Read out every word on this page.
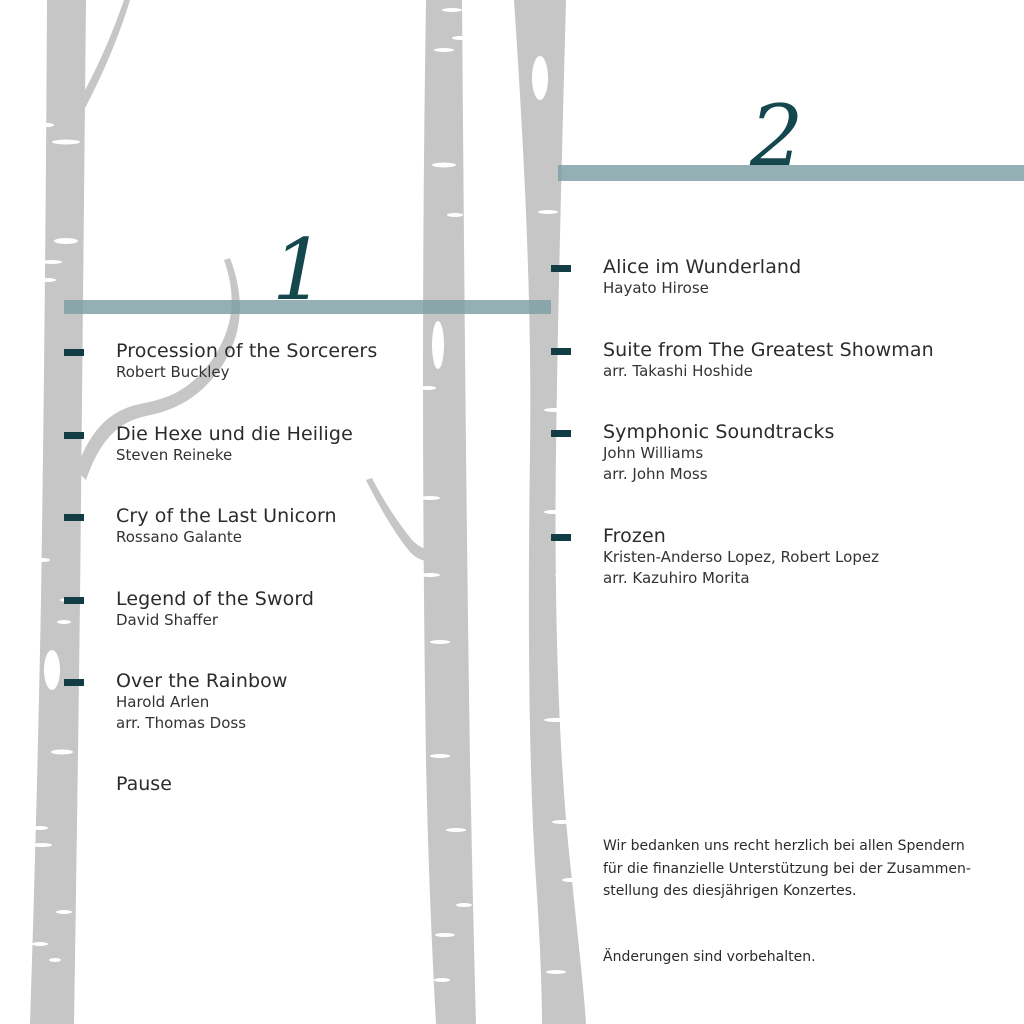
1
2
Procession of the Sorcerers
Robert Buckley
Die Hexe und die Heilige
Steven Reineke
Cry of the Last Unicorn
Rossano Galante
Legend of the Sword
David Shaffer
Over the Rainbow
Harold Arlen
arr. Thomas Doss
Pause
Alice im Wunderland
Hayato Hirose
Suite from The Greatest Showman
arr. Takashi Hoshide
Symphonic Soundtracks
John Williams
arr. John Moss
Frozen
Kristen-Anderso Lopez, Robert Lopez
arr. Kazuhiro Morita
Wir bedanken uns recht herzlich bei allen Spendern
für die finanzielle Unterstützung bei der Zusammen-
stellung des diesjährigen Konzertes.
Änderungen sind vorbehalten.
